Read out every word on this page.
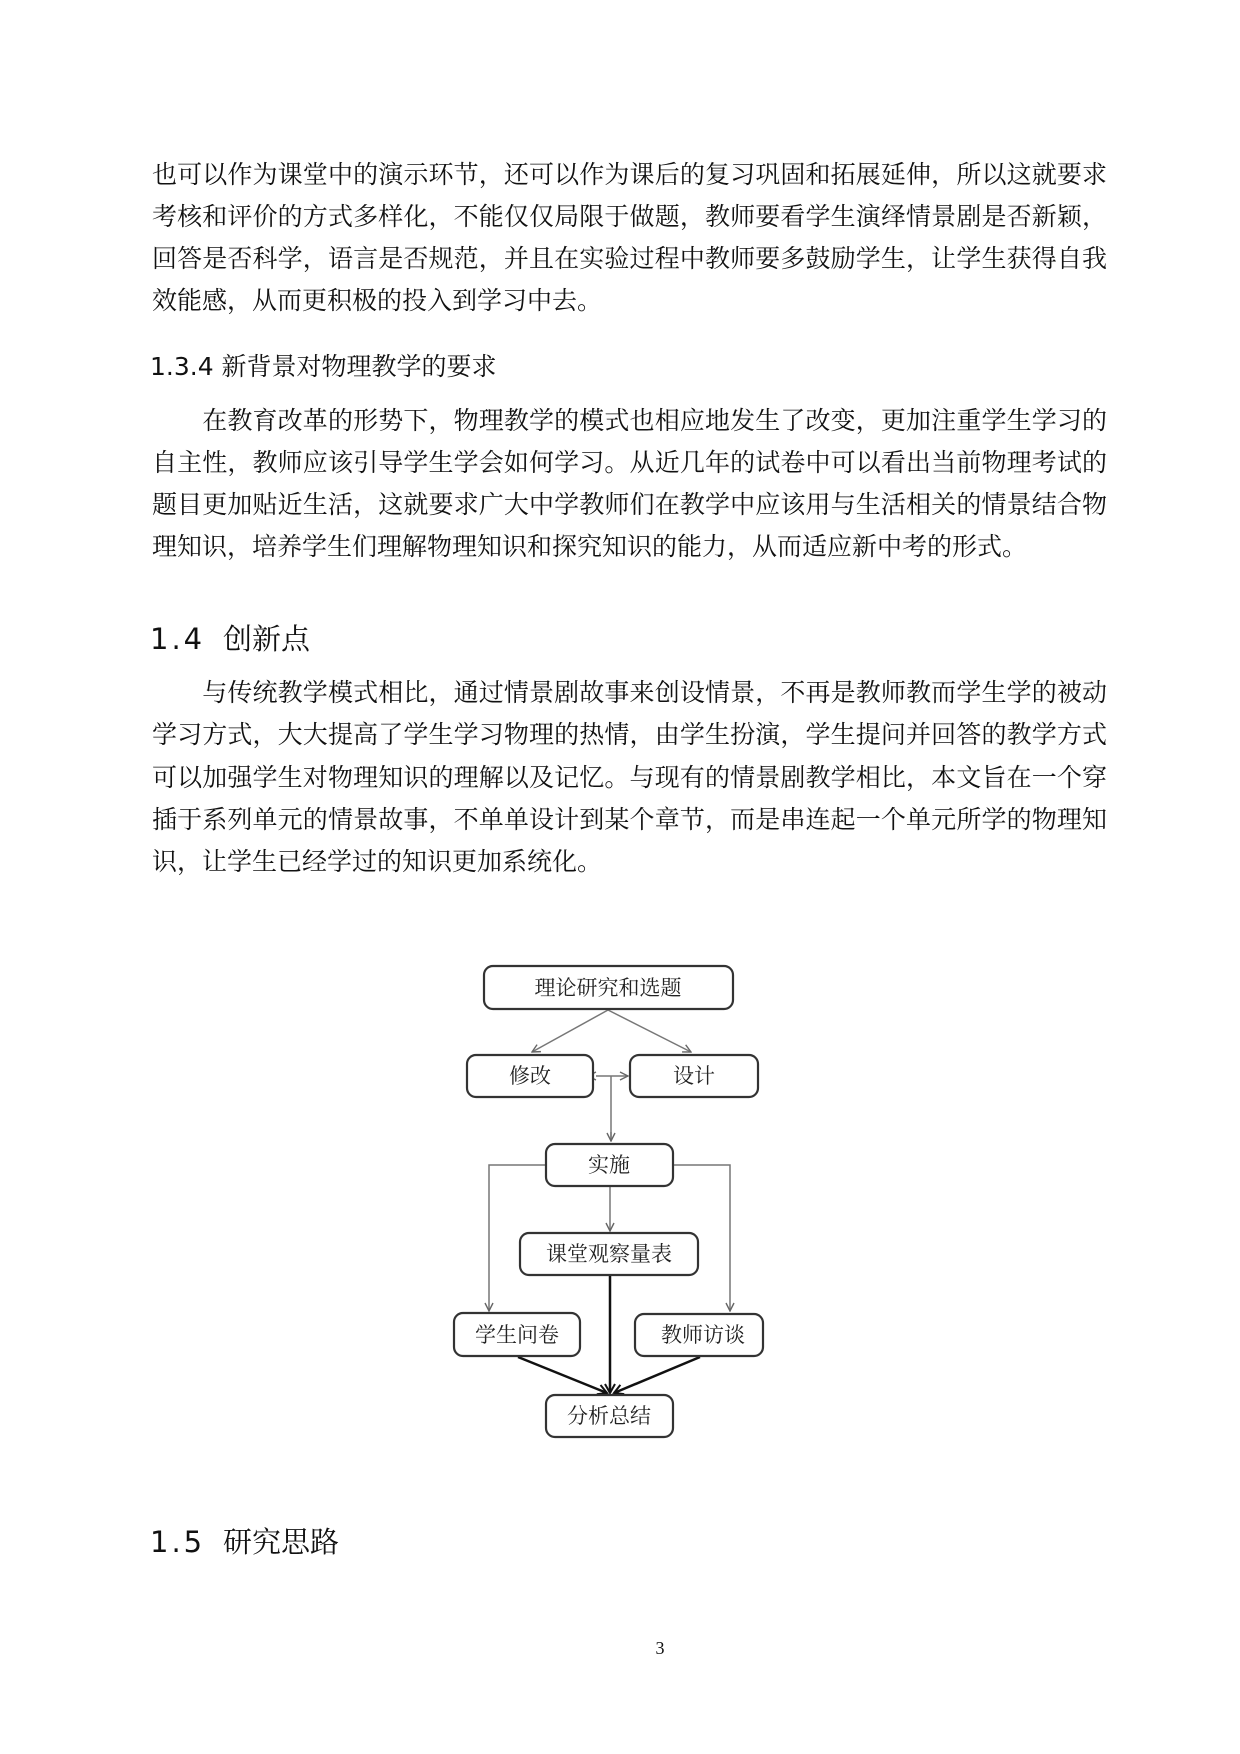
也可以作为课堂中的演示环节，还可以作为课后的复习巩固和拓展延伸，所以这就要求
考核和评价的方式多样化，不能仅仅局限于做题，教师要看学生演绎情景剧是否新颖，
回答是否科学，语言是否规范，并且在实验过程中教师要多鼓励学生，让学生获得自我
效能感，从而更积极的投入到学习中去。
1.3.4 新背景对物理教学的要求
　　在教育改革的形势下，物理教学的模式也相应地发生了改变，更加注重学生学习的
自主性，教师应该引导学生学会如何学习。从近几年的试卷中可以看出当前物理考试的
题目更加贴近生活，这就要求广大中学教师们在教学中应该用与生活相关的情景结合物
理知识，培养学生们理解物理知识和探究知识的能力，从而适应新中考的形式。
1.4 创新点
　　与传统教学模式相比，通过情景剧故事来创设情景，不再是教师教而学生学的被动
学习方式，大大提高了学生学习物理的热情，由学生扮演，学生提问并回答的教学方式
可以加强学生对物理知识的理解以及记忆。与现有的情景剧教学相比，本文旨在一个穿
插于系列单元的情景故事，不单单设计到某个章节，而是串连起一个单元所学的物理知
识，让学生已经学过的知识更加系统化。
理论研究和选题
修改	设计
实施
课堂观察量表
学生问卷	教师访谈
分析总结
1.5 研究思路
3
